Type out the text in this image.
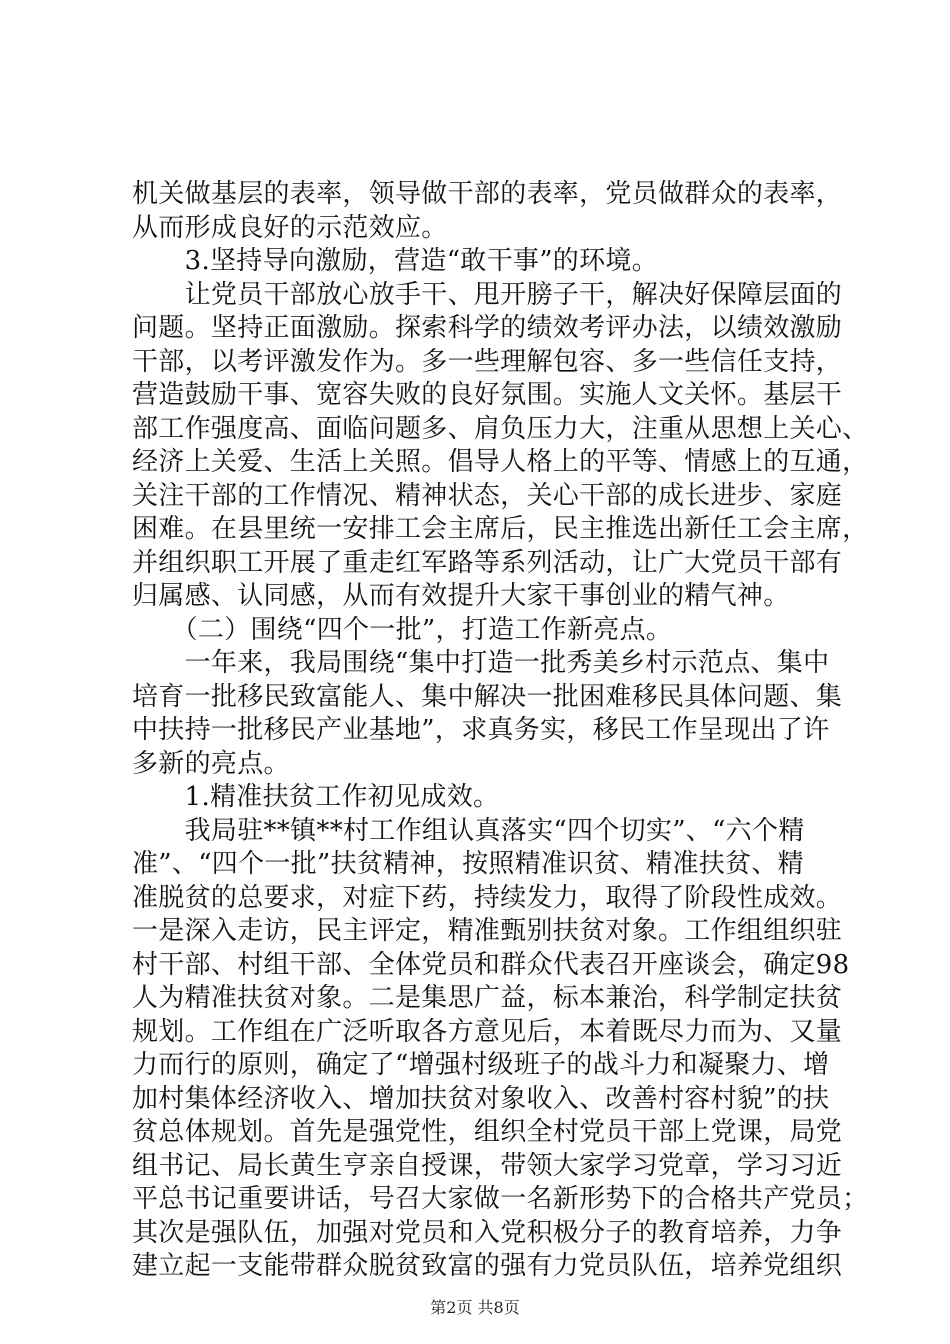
机关做基层的表率，领导做干部的表率，党员做群众的表率，
从而形成良好的示范效应。
　　3.坚持导向激励，营造“敢干事”的环境。
　　让党员干部放心放手干、甩开膀子干，解决好保障层面的
问题。坚持正面激励。探索科学的绩效考评办法，以绩效激励
干部，以考评激发作为。多一些理解包容、多一些信任支持，
营造鼓励干事、宽容失败的良好氛围。实施人文关怀。基层干
部工作强度高、面临问题多、肩负压力大，注重从思想上关心、
经济上关爱、生活上关照。倡导人格上的平等、情感上的互通，
关注干部的工作情况、精神状态，关心干部的成长进步、家庭
困难。在县里统一安排工会主席后，民主推选出新任工会主席，
并组织职工开展了重走红军路等系列活动，让广大党员干部有
归属感、认同感，从而有效提升大家干事创业的精气神。
　　（二）围绕“四个一批”，打造工作新亮点。
　　一年来，我局围绕“集中打造一批秀美乡村示范点、集中
培育一批移民致富能人、集中解决一批困难移民具体问题、集
中扶持一批移民产业基地”，求真务实，移民工作呈现出了许
多新的亮点。
　　1.精准扶贫工作初见成效。
　　我局驻**镇**村工作组认真落实“四个切实”、“六个精
准”、“四个一批”扶贫精神，按照精准识贫、精准扶贫、精
准脱贫的总要求，对症下药，持续发力，取得了阶段性成效。
一是深入走访，民主评定，精准甄别扶贫对象。工作组组织驻
村干部、村组干部、全体党员和群众代表召开座谈会，确定98
人为精准扶贫对象。二是集思广益，标本兼治，科学制定扶贫
规划。工作组在广泛听取各方意见后，本着既尽力而为、又量
力而行的原则，确定了“增强村级班子的战斗力和凝聚力、增
加村集体经济收入、增加扶贫对象收入、改善村容村貌”的扶
贫总体规划。首先是强党性，组织全村党员干部上党课，局党
组书记、局长黄生亨亲自授课，带领大家学习党章，学习习近
平总书记重要讲话，号召大家做一名新形势下的合格共产党员；
其次是强队伍，加强对党员和入党积极分子的教育培养，力争
建立起一支能带群众脱贫致富的强有力党员队伍，培养党组织
第2页 共8页
